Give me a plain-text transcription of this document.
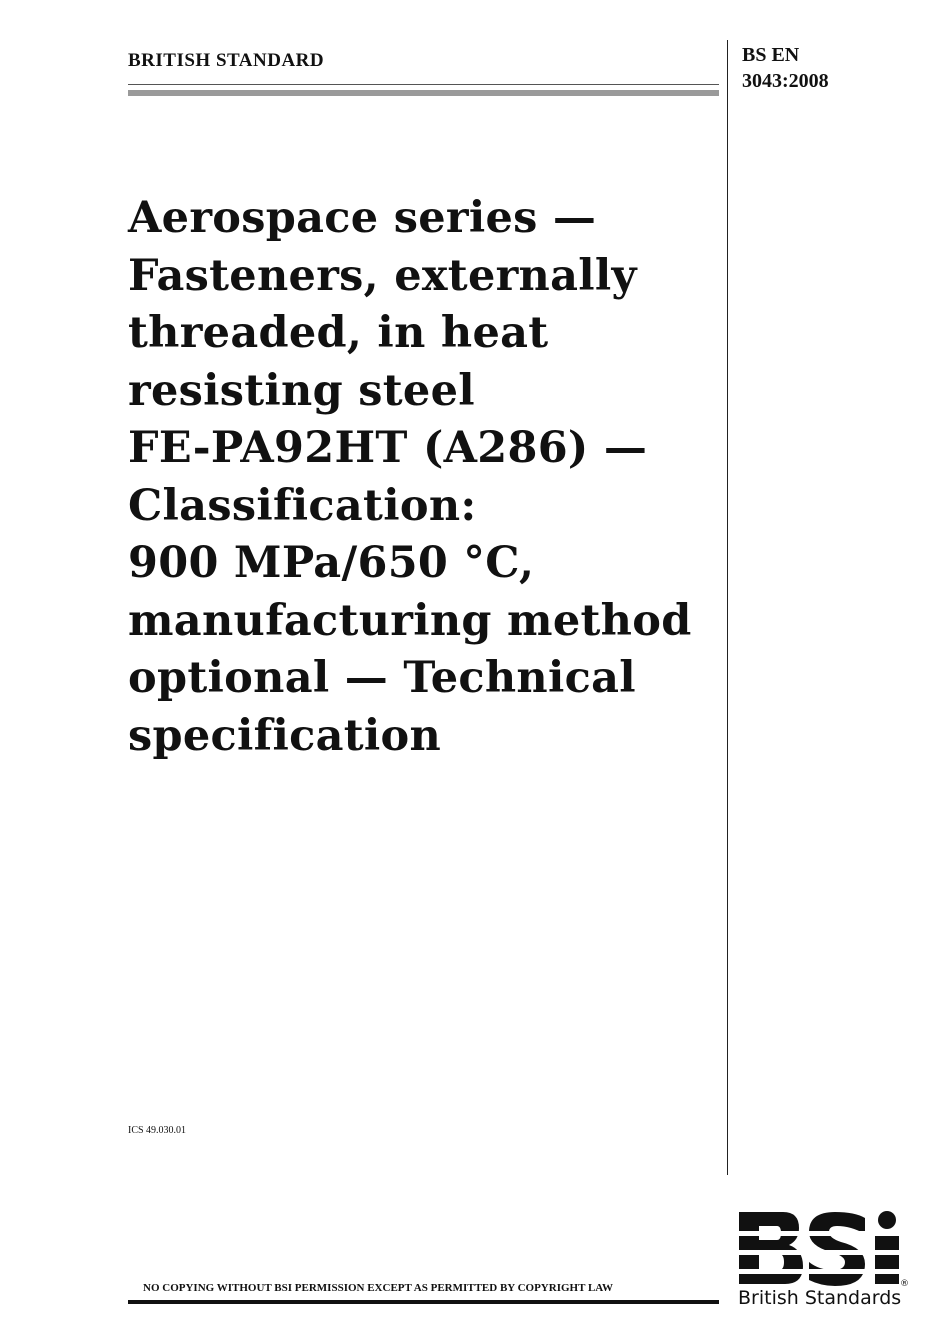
BRITISH STANDARD	BS EN
3043:2008
Aerospace series —
Fasteners, externally
threaded, in heat
resisting steel
FE-PA92HT (A286) —
Classification:
900 MPa/650 °C,
manufacturing method
optional — Technical
specification
ICS 49.030.01
NO COPYING WITHOUT BSI PERMISSION EXCEPT AS PERMITTED BY COPYRIGHT LAW	®
British Standards
